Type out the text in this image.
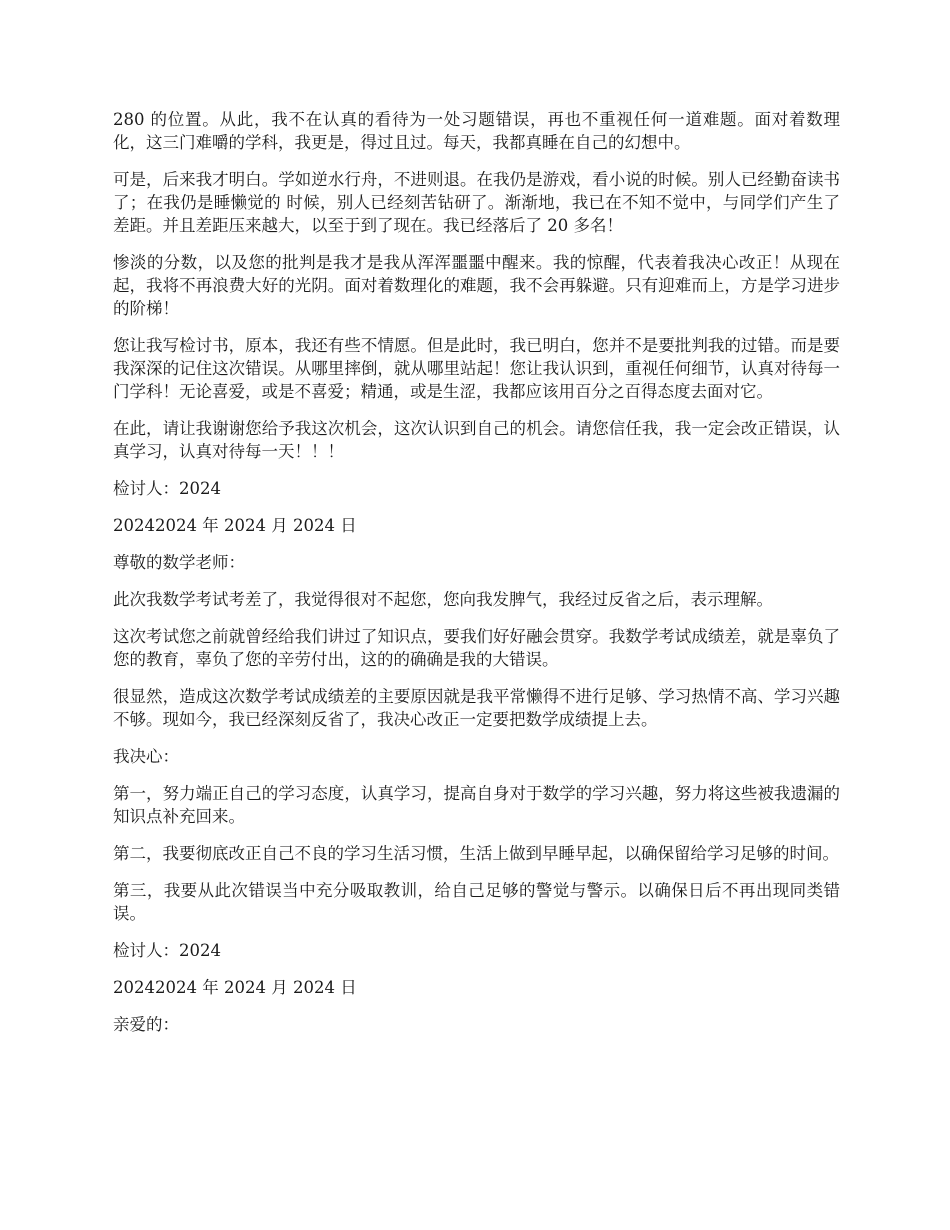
280 的位置。从此，我不在认真的看待为一处习题错误，再也不重视任何一道难题。面对着数理化，这三门难嚼的学科，我更是，得过且过。每天，我都真睡在自己的幻想中。

可是，后来我才明白。学如逆水行舟，不进则退。在我仍是游戏，看小说的时候。别人已经勤奋读书了；在我仍是睡懒觉的 时候，别人已经刻苦钻研了。渐渐地，我已在不知不觉中，与同学们产生了差距。并且差距压来越大，以至于到了现在。我已经落后了 20 多名！

惨淡的分数，以及您的批判是我才是我从浑浑噩噩中醒来。我的惊醒，代表着我决心改正！从现在起，我将不再浪费大好的光阴。面对着数理化的难题，我不会再躲避。只有迎难而上，方是学习进步的阶梯！

您让我写检讨书，原本，我还有些不情愿。但是此时，我已明白，您并不是要批判我的过错。而是要我深深的记住这次错误。从哪里摔倒，就从哪里站起！您让我认识到，重视任何细节，认真对待每一门学科！无论喜爱，或是不喜爱；精通，或是生涩，我都应该用百分之百得态度去面对它。

在此，请让我谢谢您给予我这次机会，这次认识到自己的机会。请您信任我，我一定会改正错误，认真学习，认真对待每一天！！！

检讨人：2024

20242024 年 2024 月 2024 日

尊敬的数学老师：

此次我数学考试考差了，我觉得很对不起您，您向我发脾气，我经过反省之后，表示理解。

这次考试您之前就曾经给我们讲过了知识点，要我们好好融会贯穿。我数学考试成绩差，就是辜负了您的教育，辜负了您的辛劳付出，这的的确确是我的大错误。

很显然，造成这次数学考试成绩差的主要原因就是我平常懒得不进行足够、学习热情不高、学习兴趣不够。现如今，我已经深刻反省了，我决心改正一定要把数学成绩提上去。

我决心：

第一，努力端正自己的学习态度，认真学习，提高自身对于数学的学习兴趣，努力将这些被我遗漏的知识点补充回来。

第二，我要彻底改正自己不良的学习生活习惯，生活上做到早睡早起，以确保留给学习足够的时间。

第三，我要从此次错误当中充分吸取教训，给自己足够的警觉与警示。以确保日后不再出现同类错误。

检讨人：2024

20242024 年 2024 月 2024 日

亲爱的：
